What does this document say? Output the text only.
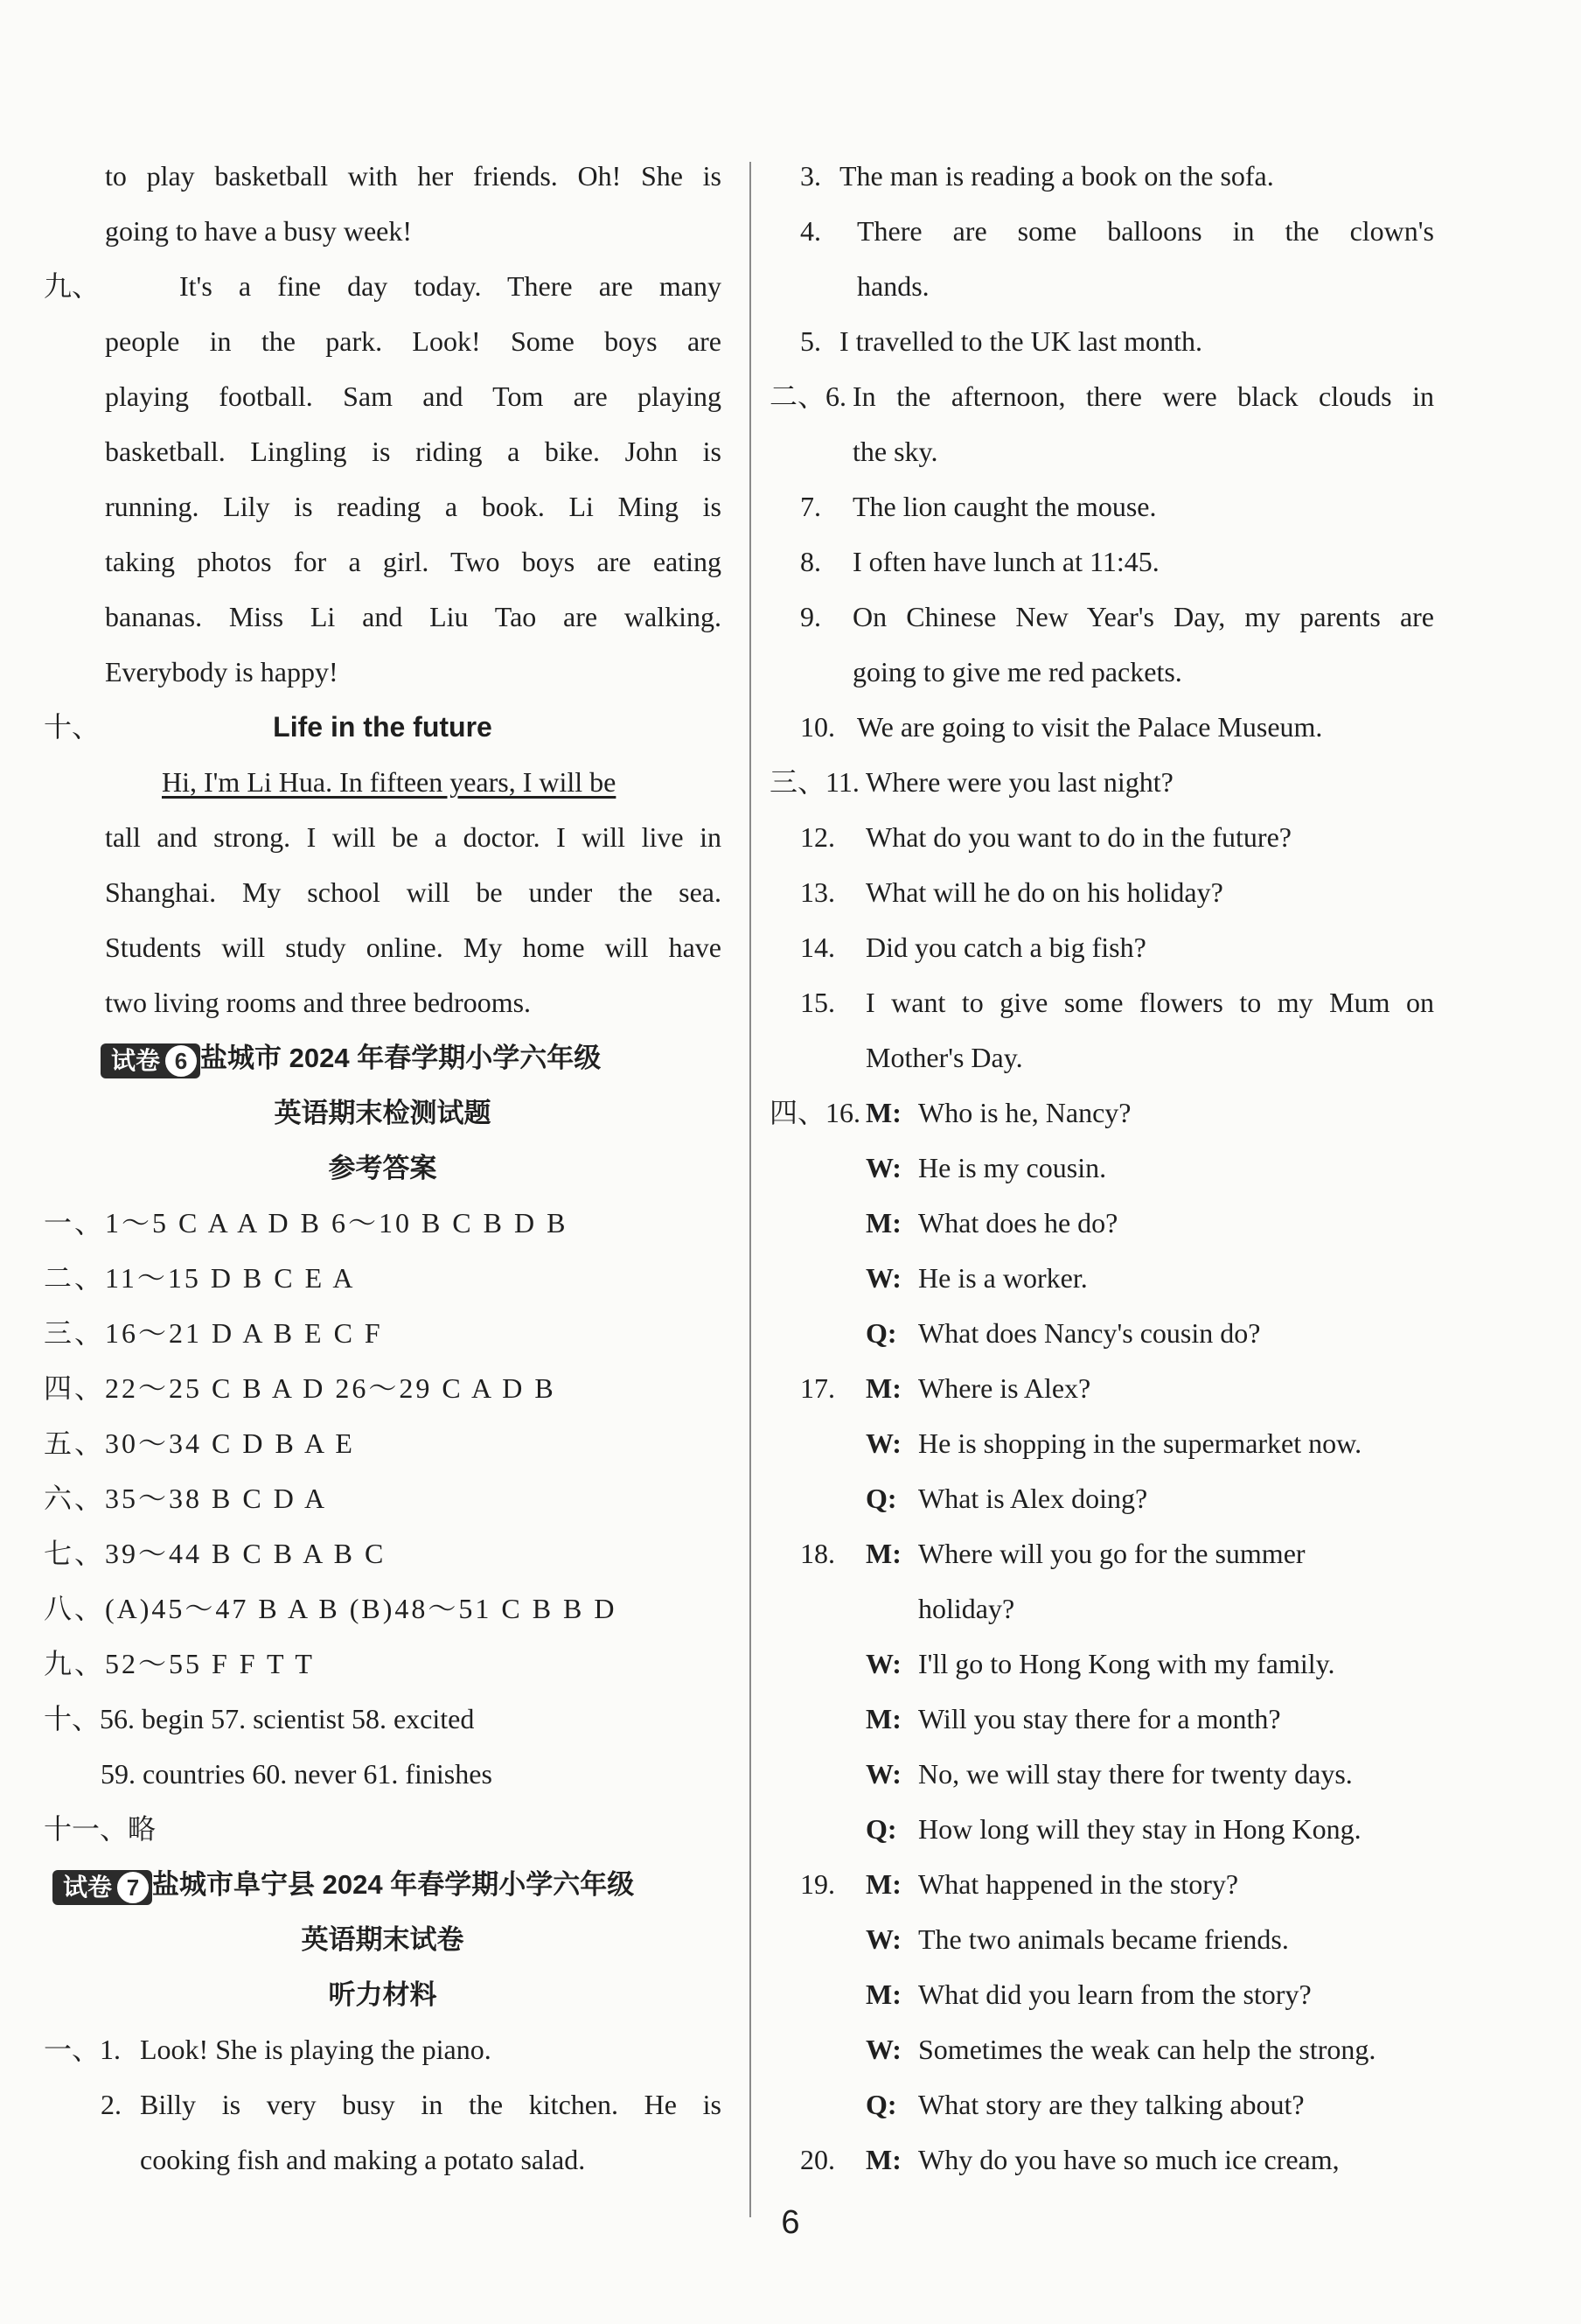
to play basketball with her friends. Oh! She is
going to have a busy week!
九、	It's a fine day today. There are many
people in the park. Look! Some boys are
playing football. Sam and Tom are playing
basketball. Lingling is riding a bike. John is
running. Lily is reading a book. Li Ming is
taking photos for a girl. Two boys are eating
bananas. Miss Li and Liu Tao are walking.
Everybody is happy!
十、	Life in the future
Hi, I'm Li Hua. In fifteen years, I will be
tall and strong. I will be a doctor. I will live in
Shanghai. My school will be under the sea.
Students will study online. My home will have
two living rooms and three bedrooms.
试卷 6 盐城市 2024 年春学期小学六年级
英语期末检测试题
参考答案
一、1～5 C A A D B 6～10 B C B D B
二、11～15 D B C E A
三、16～21 D A B E C F
四、22～25 C B A D 26～29 C A D B
五、30～34 C D B A E
六、35～38 B C D A
七、39～44 B C B A B C
八、(A)45～47 B A B (B)48～51 C B B D
九、52～55 F F T T
十、56. begin 57. scientist 58. excited
59. countries 60. never 61. finishes
十一、略
试卷 7 盐城市阜宁县 2024 年春学期小学六年级
英语期末试卷
听力材料
一、1. Look! She is playing the piano.
2. Billy is very busy in the kitchen. He is
cooking fish and making a potato salad.
3. The man is reading a book on the sofa.
4.	There are some balloons in the clown's
hands.
5. I travelled to the UK last month.
二、6. In the afternoon, there were black clouds in
the sky.
7. The lion caught the mouse.
8. I often have lunch at 11:45.
9.	On Chinese New Year's Day, my parents are
going to give me red packets.
10. We are going to visit the Palace Museum.
三、11. Where were you last night?
12. What do you want to do in the future?
13. What will he do on his holiday?
14. Did you catch a big fish?
15.	I want to give some flowers to my Mum on
Mother's Day.
四、16. M: Who is he, Nancy?
W: He is my cousin.
M: What does he do?
W: He is a worker.
Q: What does Nancy's cousin do?
17. M: Where is Alex?
W: He is shopping in the supermarket now.
Q: What is Alex doing?
18. M: Where will you go for the summer
holiday?
W: I'll go to Hong Kong with my family.
M: Will you stay there for a month?
W: No, we will stay there for twenty days.
Q: How long will they stay in Hong Kong.
19. M: What happened in the story?
W: The two animals became friends.
M: What did you learn from the story?
W: Sometimes the weak can help the strong.
Q: What story are they talking about?
20. M: Why do you have so much ice cream,
6
